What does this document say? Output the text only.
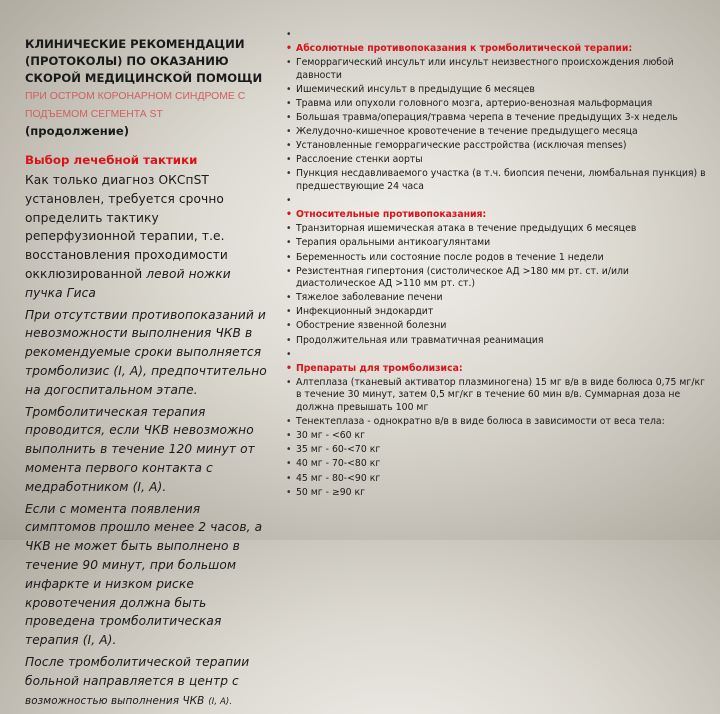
КЛИНИЧЕСКИЕ РЕКОМЕНДАЦИИ (ПРОТОКОЛЫ) ПО ОКАЗАНИЮ СКОРОЙ МЕДИЦИНСКОЙ ПОМОЩИ ПРИ ОСТРОМ КОРОНАРНОМ СИНДРОМЕ С ПОДЪЕМОМ СЕГМЕНТА ST
(продолжение)

Выбор лечебной тактики

Как только диагноз ОКСпST установлен, требуется срочно определить тактику реперфузионной терапии, т.е. восстановления проходимости окклюзированной левой ножки пучка Гиса

При отсутствии противопоказаний и невозможности выполнения ЧКВ в рекомендуемые сроки выполняется тромболизис (I, A), предпочтительно на догоспитальном этапе.

Тромболитическая терапия проводится, если ЧКВ невозможно выполнить в течение 120 минут от момента первого контакта с медработником (I, A).

Если с момента появления симптомов прошло менее 2 часов, а ЧКВ не может быть выполнено в течение 90 минут, при большом инфаркте и низком риске кровотечения должна быть проведена тромболитическая терапия (I, A).

После тромболитической терапии больной направляется в центр с возможностью выполнения ЧКВ (I, A).

•
• Абсолютные противопоказания к тромболитической терапии:
• Геморрагический инсульт или инсульт неизвестного происхождения любой давности
• Ишемический инсульт в предыдущие 6 месяцев
• Травма или опухоли головного мозга, артерио-венозная мальформация
• Большая травма/операция/травма черепа в течение предыдущих 3-х недель
• Желудочно-кишечное кровотечение в течение предыдущего месяца
• Установленные геморрагические расстройства (исключая menses)
• Расслоение стенки аорты
• Пункция несдавливаемого участка (в т.ч. биопсия печени, люмбальная пункция) в предшествующие 24 часа
•
• Относительные противопоказания:
• Транзиторная ишемическая атака в течение предыдущих 6 месяцев
• Терапия оральными антикоагулянтами
• Беременность или состояние после родов в течение 1 недели
• Резистентная гипертония (систолическое АД >180 мм рт. ст. и/или диастолическое АД >110 мм рт. ст.)
• Тяжелое заболевание печени
• Инфекционный эндокардит
• Обострение язвенной болезни
• Продолжительная или травматичная реанимация
•
• Препараты для тромболизиса:
• Алтеплаза (тканевый активатор плазминогена) 15 мг в/в в виде болюса 0,75 мг/кг в течение 30 минут, затем 0,5 мг/кг в течение 60 мин в/в. Суммарная доза не должна превышать 100 мг
• Тенектеплаза - однократно в/в в виде болюса в зависимости от веса тела:
• 30 мг - <60 кг
• 35 мг - 60-<70 кг
• 40 мг - 70-<80 кг
• 45 мг - 80-<90 кг
• 50 мг - ≥90 кг
